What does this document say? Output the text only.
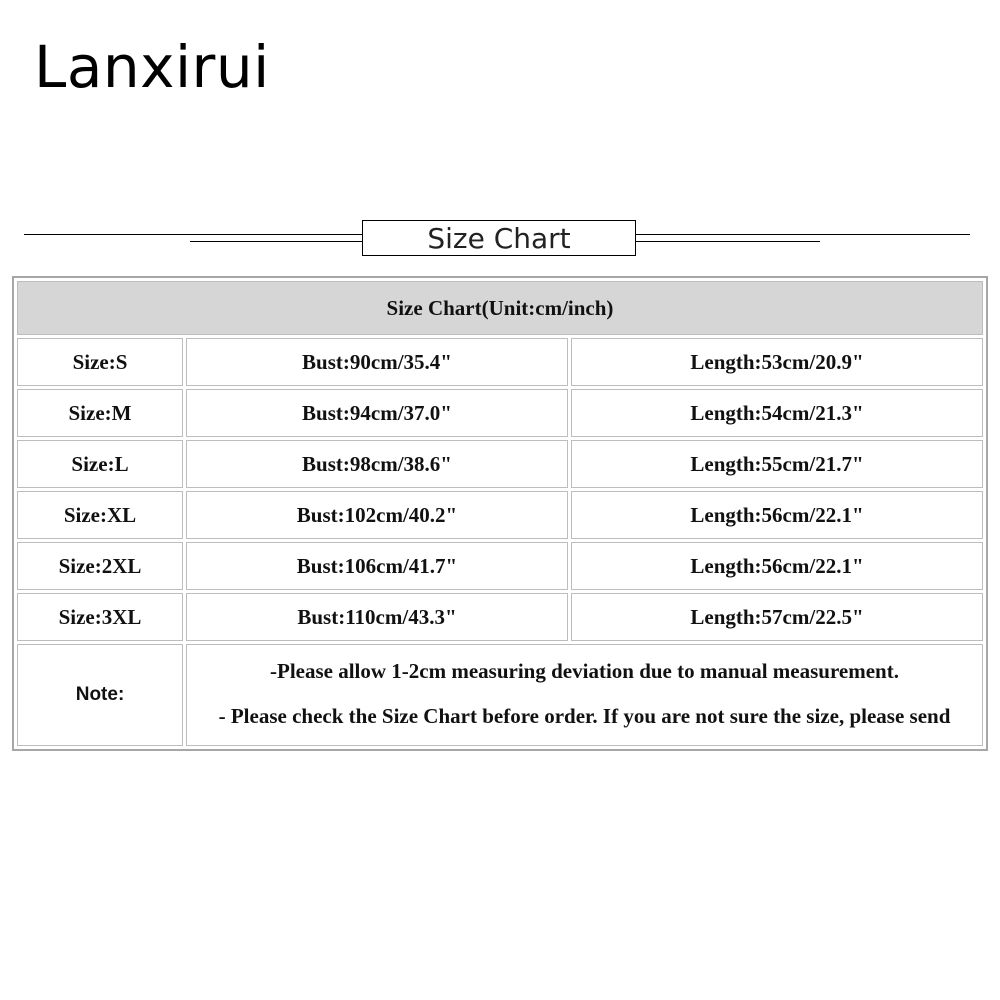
Lanxirui
Size Chart
Size Chart(Unit:cm/inch)		
Size:S	Bust:90cm/35.4"	Length:53cm/20.9"
Size:M	Bust:94cm/37.0"	Length:54cm/21.3"
Size:L	Bust:98cm/38.6"	Length:55cm/21.7"
Size:XL	Bust:102cm/40.2"	Length:56cm/22.1"
Size:2XL	Bust:106cm/41.7"	Length:56cm/22.1"
Size:3XL	Bust:110cm/43.3"	Length:57cm/22.5"
Note:	-Please allow 1-2cm measuring deviation due to manual measurement.

- Please check the Size Chart before order. If you are not sure the size, please send	
